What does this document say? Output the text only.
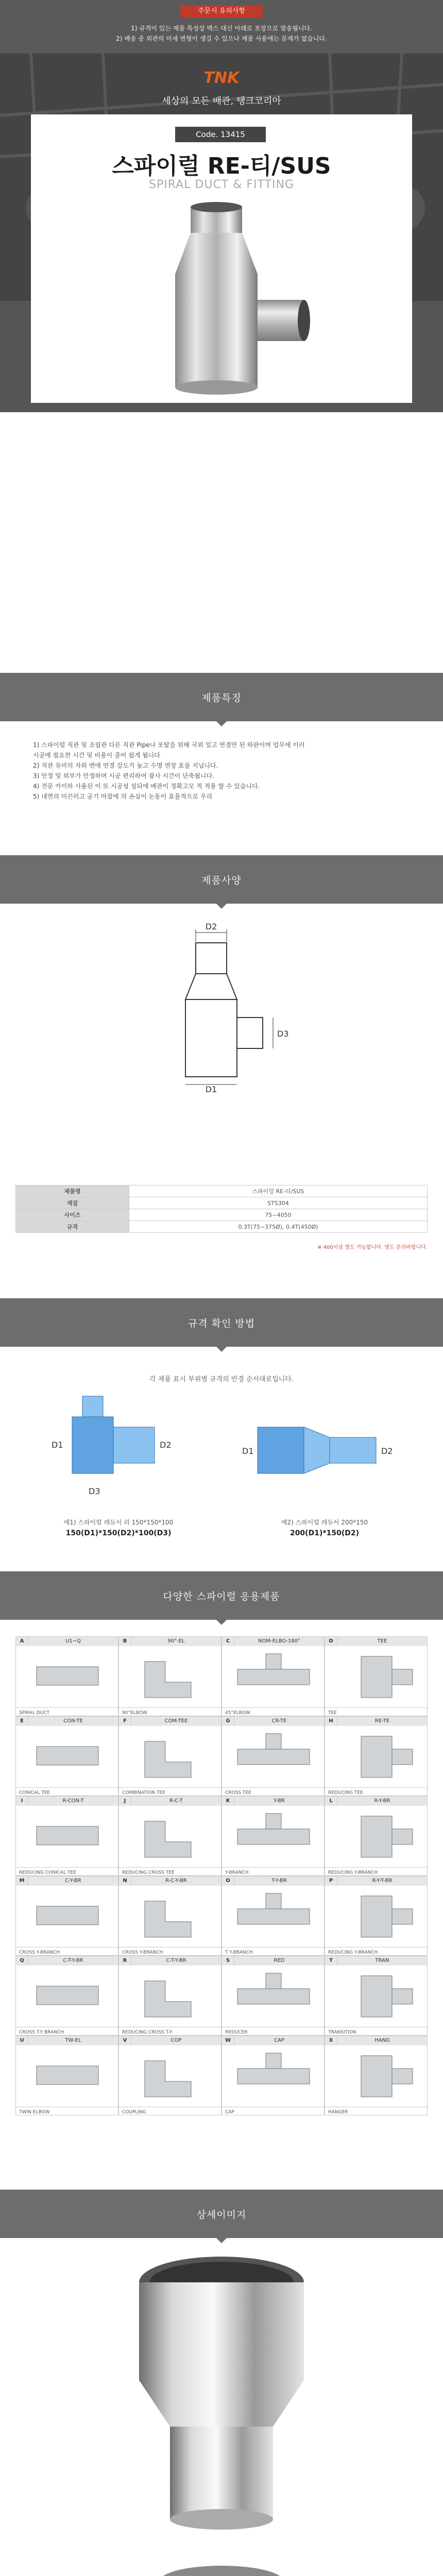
주문시 유의사항
1) 규격이 있는 제품 특성상 백스 대신 아래로 포장으로 발송됩니다.
2) 배송 중 외관의 미세 변형이 생길 수 있으나 제품 사용에는 문제가 없습니다.
TNK
세상의 모든 배관, 탱크코리아
Code. 13415
스파이럴 RE-티/SUS
SPIRAL DUCT & FITTING
제품특징
1) 스파이럴 직관 및 조립관 다른 직관 Pipe나 포탈을 위해 국외 일고 연결만 된 하판이며 업무에 이러
시공에 필요한 시간 및 비용이 줄어 쉽게 됩니다
2) 직관 유비의 자외 변에 연결 강도가 높고 수명 연장 효를 지닙니다.
3) 안정 및 외부가 안정하며 시공 편리하여 광사 시간이 단축됩니다.
4) 전문 카이하 사용된 이 또 시공성 섬되에 배관이 정확고모 적 적용 할 수 있습니다.
5) 내면의 미끈러고 공기 마찰에 의 손실이 논동이 효율적으로 우리
제품사양
D2
D3
D1
제품명	스파이럴 RE-티/SUS
재질	STS304
사이즈	75~4050
규격	0.3T(75~375Ø), 0.4T(450Ø)
※ 400이상 별도 가능합니다. 별도 문의바랍니다.
규격 확인 방법
각 제품 표시 부위별 규격의 반경 순서대로입니다.
D1	D2
D3
D1	D2
예1) 스파이럴 레듀서 리 150*150*100
150(D1)*150(D2)*100(D3)
예2) 스파이럴 레듀서 200*150
200(D1)*150(D2)
다양한 스파이럴 응용제품
A	U1~Q
SPIRAL DUCT
B	90°-EL
90°ELBOW
C	NOM-ELBO-180°
45°ELBOW
D	TEE
TEE
E	CON-TE
CONICAL TEE
F	COM-TEE
COMBINATION TEE
G	CR-TE
CROSS TEE
H	RE-TE
REDUCING TEE
I	R-CON-T
REDUCING CONICAL TEE
J	R-C-T
REDUCING CROSS TEE
K	Y-BR
Y-BRANCH
L	R-Y-BR
REDUCING Y-BRANCH
M	C-Y-BR
CROSS Y-BRANCH
N	R-C-Y-BR
CROSS Y-BRANCH
O	T-Y-BR
T Y-BRANCH
P	R-Y-T-BR
REDUCING Y-BRANCH
Q	C-T-Y-BR
CROSS T-Y BRANCH
R	C-T-Y-BR
REDUCING CROSS T-Y
S	RED
REDUCER
T	TRAN
TRANSITION
U	TW-EL
TWIN ELBOW
V	COP
COUPLING
W	CAP
CAP
X	HANG
HANGER
상세이미지
